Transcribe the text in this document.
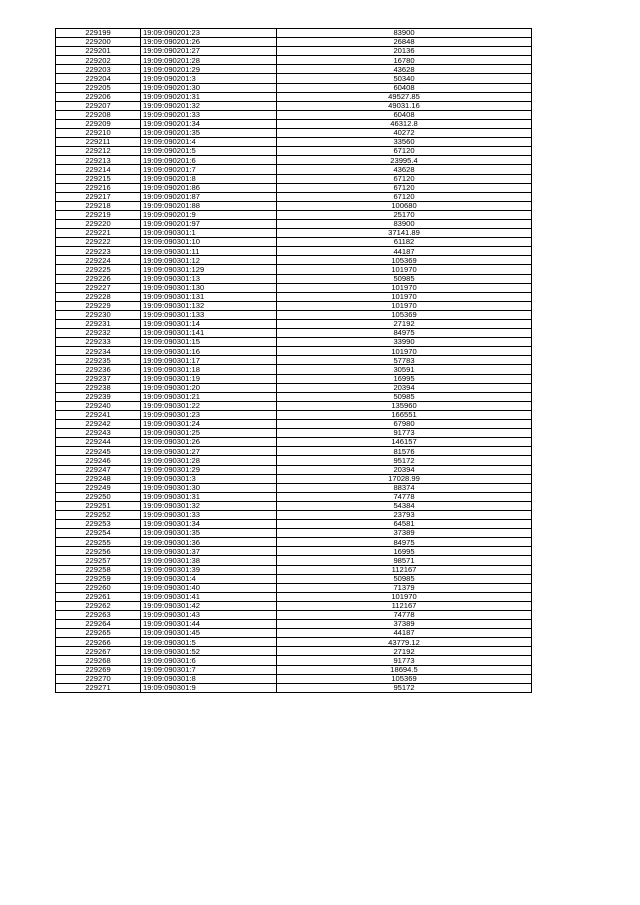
229199	19:09:090201:23	83900
229200	19:09:090201:26	26848
229201	19:09:090201:27	20136
229202	19:09:090201:28	16780
229203	19:09:090201:29	43628
229204	19:09:090201:3	50340
229205	19:09:090201:30	60408
229206	19:09:090201:31	49527.85
229207	19:09:090201:32	49031.16
229208	19:09:090201:33	60408
229209	19:09:090201:34	46312.8
229210	19:09:090201:35	40272
229211	19:09:090201:4	33560
229212	19:09:090201:5	67120
229213	19:09:090201:6	23995.4
229214	19:09:090201:7	43628
229215	19:09:090201:8	67120
229216	19:09:090201:86	67120
229217	19:09:090201:87	67120
229218	19:09:090201:88	100680
229219	19:09:090201:9	25170
229220	19:09:090201:97	83900
229221	19:09:090301:1	37141.89
229222	19:09:090301:10	61182
229223	19:09:090301:11	44187
229224	19:09:090301:12	105369
229225	19:09:090301:129	101970
229226	19:09:090301:13	50985
229227	19:09:090301:130	101970
229228	19:09:090301:131	101970
229229	19:09:090301:132	101970
229230	19:09:090301:133	105369
229231	19:09:090301:14	27192
229232	19:09:090301:141	84975
229233	19:09:090301:15	33990
229234	19:09:090301:16	101970
229235	19:09:090301:17	57783
229236	19:09:090301:18	30591
229237	19:09:090301:19	16995
229238	19:09:090301:20	20394
229239	19:09:090301:21	50985
229240	19:09:090301:22	135960
229241	19:09:090301:23	166551
229242	19:09:090301:24	67980
229243	19:09:090301:25	91773
229244	19:09:090301:26	146157
229245	19:09:090301:27	81576
229246	19:09:090301:28	95172
229247	19:09:090301:29	20394
229248	19:09:090301:3	17028.99
229249	19:09:090301:30	88374
229250	19:09:090301:31	74778
229251	19:09:090301:32	54384
229252	19:09:090301:33	23793
229253	19:09:090301:34	64581
229254	19:09:090301:35	37389
229255	19:09:090301:36	84975
229256	19:09:090301:37	16995
229257	19:09:090301:38	98571
229258	19:09:090301:39	112167
229259	19:09:090301:4	50985
229260	19:09:090301:40	71379
229261	19:09:090301:41	101970
229262	19:09:090301:42	112167
229263	19:09:090301:43	74778
229264	19:09:090301:44	37389
229265	19:09:090301:45	44187
229266	19:09:090301:5	43779.12
229267	19:09:090301:52	27192
229268	19:09:090301:6	91773
229269	19:09:090301:7	18694.5
229270	19:09:090301:8	105369
229271	19:09:090301:9	95172
